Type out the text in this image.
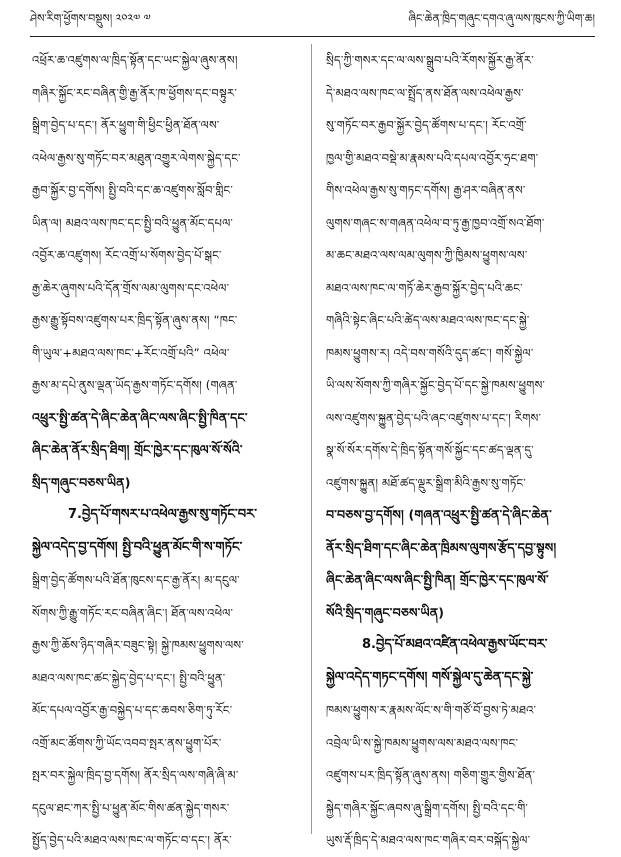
ཤེས་རིག་ཕྱོགས་བསྡུས། ༢༠༢༧ ༧	ཞིང་ཆེན་ཁྲིད་གཞུང་དགའ་ཞུ་ལས་ཁུངས་ཀྱི་ཡིག་ཆ།
འཕྲོར་ཆ་འཛུགས་ལ་ཁྲིད་སྟོན་དང་ཡང་སྐྱེལ་ཞུས་ནས།
གཞིར་སྐྱོང་རང་བཞིན་གྱི་རྒྱ་ནོར་ཁ་ཕྱོགས་དང་བསྟུར་
སྒྲིག་བྱེད་པ་དང་། ནོར་ཕྱུག་གི་ཕྱིང་ཕྱིན་ཐོན་ལས་
འཕེལ་རྒྱས་སུ་གཏོང་བར་མཐུན་འགྱུར་ལེགས་སྐྱེད་དང་
རྒྱབ་སྐྱོར་བྱ་དགོས། སྤྱི་བའི་དང་ཆ་འཛུགས་སློབ་གླིང་
ཡིན་ལ། མཐའ་ལས་ཁང་དང་སྤྱི་བའི་ཕྱུན་མོང་དཔལ་
འབྱོར་ཆ་འཛུགས། རོང་འགྲོ་པ་སོགས་བྱེད་པོ་སྒང་
རྒྱ་ཆེར་ཞུགས་པའི་དོན་གྲོས་ལམ་ལུགས་དང་འཕེལ་
རྒྱས་རྒྱུ་སྟོབས་འཛུགས་པར་ཁྲིད་སྟོན་ཞུས་ནས། “ཁང་
གི་ཡུལ་+མཐའ་ལས་ཁང་+རོང་འགྲོ་པའི” འཕེལ་
རྒྱས་མ་དཔེ་ནུས་ལྡན་ཡོད་རྒྱས་གཏོང་དགོས། (གཞན་
འཕྲུར་སྤྱི་ཚན་དེ་ཞིང་ཆེན་ཞིང་ལས་ཞིང་སྤྱི་ཁིན་དང་
ཞིང་ཆེན་ནོར་སྲིད་ཐིག། གྲོང་ཁྱེར་དང་ཁུལ་སོ་སོའི་
སྲིད་གཞུང་བཅས་ཡིན)
7.བྱེད་པོ་གསར་པ་འཕེལ་རྒྱས་སུ་གཏོང་བར་
སྐྱེལ་འདེད་བྱ་དགོས། སྤྱི་བའི་ཕྱུན་མོང་གི་ས་གཏོང་
སྒྲིག་བྱེད་ཚོགས་པའི་ཐོན་ཁུངས་དང་རྒྱ་ནོར། མ་དངུལ་
སོགས་ཀྱི་རྒྱུ་གཏོང་རང་བཞིན་ཞིང་། ཐོན་ལས་འཕེལ་
རྒྱས་ཀྱི་ཆོས་ཉིད་གཞིར་བཟུང་སྟེ། སྐྱེ་ཁམས་ཕྱུགས་ལས་
མཐའ་ལས་ཁང་ཚང་སྐྱེད་བྱེད་པ་དང་། སྤྱི་བའི་ཕྱུན་
མོང་དཔལ་འབྱོར་རྒྱ་བསྐྱེད་པ་དང་ཆབས་ཅིག་ཏུ་རོང་
འགྲོ་མང་ཚོགས་ཀྱི་ཡོང་འབབ་སྤར་ནས་ཕྱུག་པོར་
སྤར་བར་སྐྱེལ་ཁྲིད་བྱ་དགོས། ནོར་སྲིད་ལས་གཞི་ཞི་མ་
དངུལ་ཐང་ཀར་སྤྱི་པ་ཕྱུན་མོང་གིས་ཚན་སྐྱེད་གསར་
སྤྱོད་བྱེད་པའི་མཐའ་ལས་ཁང་ལ་གཏོང་བ་དང་། ནོར་
སྲིད་ཀྱི་གསར་དང་ལ་ལས་སྒྲུབ་པའི་རོགས་སྐྱོར་རྒྱ་ནོར་
དེ་མཐའ་ལས་ཁང་ལ་སྤྲོད་ནས་ཐོན་ལས་འཕེལ་རྒྱས་
སུ་གཏོང་བར་རྒྱབ་སྐྱོར་བྱེད་ཚོགས་པ་དང་། རོང་འགྲོ་
ཁྱལ་གྱི་མཐའ་བསྡེ་མ་རྣམས་པའི་དཔལ་འབྱོར་ཧྲང་ཐག་
གིས་འཕེལ་རྒྱས་སུ་གཏང་དགོས། རྒྱ་ཤར་བཞིན་ནས་
ལུགས་གཞང་ས་གཞན་འཕེལ་བ་ཏུ་རྒྱ་ཁྱབ་འགྲོ་སའ་ཐོག་
མ་ཆང་མཐའ་ལས་ལམ་ལུགས་ཀྱི་ཁྱིམས་ཕྱུགས་ལས་
མཐའ་ལས་ཁང་ལ་གཏོ་ཆེར་རྒྱབ་སྐྱོར་བྱེད་པའི་ཆང་
གཞིའི་སྟེང་ཞིང་པའི་ཚེད་ལས་མཐའ་ལས་ཁང་དང་སྐྱེ་
ཁམས་ཕྱུགས་ར། འདེ་བས་གསོའི་དུད་ཚང་། གསོ་སྐྱེལ་
ཡི་ལས་སོགས་ཀྱི་གཞིར་སྐྱོང་བྱེད་པོ་དང་སྐྱེ་ཁམས་ཕྱུགས་
ལས་འཛུགས་སྐྱུན་བྱེད་པའི་ཞང་འཛུགས་པ་དང་། རིགས་
སྣ་སོ་སོར་དགོས་དེ་ཁྲིད་སྟོན་གསོ་སྐྱོང་དང་ཚད་ལྡན་དུ་
འཛུགས་སྐྱུན། མཐོ་ཚད་ལྡུར་སྒྲིག་མིའི་རྒྱས་སུ་གཏོང་
བ་བཅས་བྱ་དགོས། (གཞན་འཕྲུར་སྤྱི་ཚན་དེ་ཞིང་ཆེན་
ནོར་སྲིད་ཐིག་དང་ཞིང་ཆེན་ཁྲིམས་ལུགས་རྩོད་དབྱ་སྟུས།
ཞིང་ཆེན་ཞིང་ལས་ཞིང་སྤྱི་ཁིན། གྲོང་ཁྱེར་དང་ཁུལ་སོ་
སོའི་སྲིད་གཞུང་བཅས་ཡིན)
8.བྱེད་པོ་མཐའ་འཛིན་འཕེལ་རྒྱས་ཡོང་བར་
སྐྱེལ་འདེད་གཏང་དགོས། གསོ་སྐྱེལ་དུ་ཆེན་དང་སྐྱེ་
ཁམས་ཕྱུགས་ར་རྣམས་ལོང་ས་གི་གཙོ་བོ་བྱས་ཏེ་མཐའ་
འབྲེལ་ཡི་ས་སྐྱེ་ཁམས་ཕྱུགས་ལས་མཐའ་ལས་ཁང་
འཛུགས་པར་ཁྲིད་སྟོན་ཞུས་ནས། གཅིག་གྱུར་གྱིས་ཐོན་
སྐྱེད་གཞིར་སྐྱོང་ཞབས་ཞུ་སྒྲིག་དགོས། སྤྱི་བའི་དང་གི་
ཡུས་རྡོ་ཁྲིད་དེ་མཐའ་ལས་ཁང་གཞིར་བར་བསྐོད་སྐྱེལ་
